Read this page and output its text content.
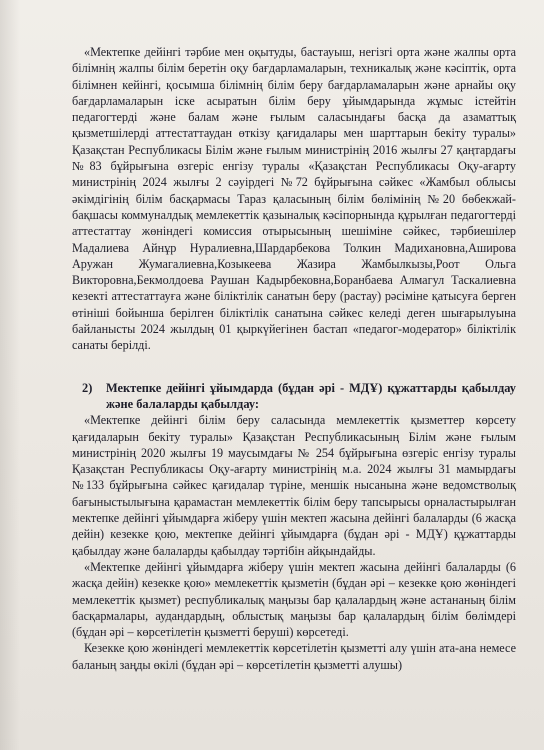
«Мектепке дейінгі тәрбие мен оқытуды, бастауыш, негізгі орта және жалпы орта білімнің жалпы білім беретін оқу бағдарламаларын, техникалық және кәсіптік, орта білімнен кейінгі, қосымша білімнің білім беру бағдарламаларын және арнайы оқу бағдарламаларын іске асыратын білім беру ұйымдарында жұмыс істейтін педагогтерді және балам және ғылым саласындағы басқа да азаматтық қызметшілерді аттестаттаудан өткізу қағидалары мен шарттарын бекіту туралы» Қазақстан Республикасы Білім және ғылым министрінің 2016 жылғы 27 қаңтардағы №83 бұйрығына өзгеріс енгізу туралы «Қазақстан Республикасы Оқу-ағарту министрінің 2024 жылғы 2 сәуірдегі №72 бұйрығына сәйкес «Жамбыл облысы әкімдігінің білім басқармасы Тараз қаласының білім бөлімінің №20 бөбекжай-бақшасы коммуналдық мемлекеттік қазыналық кәсіпорнында құрылған педагогтерді аттестаттау жөніндегі комиссия отырысының шешіміне сәйкес, тәрбиешілер Мадалиева Айнұр Нуралиевна,Шардарбекова Толкин Мадихановна,Аширова Аружан Жумагалиевна,Козыкеева Жазира Жамбылкызы,Роот Ольга Викторовна,Бекмолдоева Раушан Кадырбековна,Боранбаева Алмагул Таскалиевна кезекті аттестаттауға және біліктілік санатын беру (растау) рәсіміне қатысуға берген өтініші бойынша берілген біліктілік санатына сәйкес келеді деген шығарылуына байланысты 2024 жылдың 01 қыркүйегінен бастап «педагог-модератор» біліктілік санаты берілді.

2)	Мектепке дейінгі ұйымдарда (бұдан әрі - МДҰ) құжаттарды қабылдау және балаларды қабылдау:

«Мектепке дейінгі білім беру саласында мемлекеттік қызметтер көрсету қағидаларын бекіту туралы» Қазақстан Республикасының Білім және ғылым министрінің 2020 жылғы 19 маусымдағы № 254 бұйрығына өзгеріс енгізу туралы Қазақстан Республикасы Оқу-ағарту министрінің м.а. 2024 жылғы 31 мамырдағы №133 бұйрығына сәйкес қағидалар түріне, меншік нысанына және ведомстволық бағыныстылығына қарамастан мемлекеттік білім беру тапсырысы орналастырылған мектепке дейінгі ұйымдарға жіберу үшін мектеп жасына дейінгі балаларды (6 жасқа дейін) кезекке қою, мектепке дейінгі ұйымдарға (бұдан әрі - МДҰ) құжаттарды қабылдау және балаларды қабылдау тәртібін айқындайды.

«Мектепке дейінгі ұйымдарға жіберу үшін мектеп жасына дейінгі балаларды (6 жасқа дейін) кезекке қою» мемлекеттік қызметін (бұдан әрі – кезекке қою жөніндегі мемлекеттік қызмет) республикалық маңызы бар қалалардың және астананың білім басқармалары, аудандардың, облыстық маңызы бар қалалардың білім бөлімдері (бұдан әрі – көрсетілетін қызметті беруші) көрсетеді.

Кезекке қою жөніндегі мемлекеттік көрсетілетін қызметті алу үшін ата-ана немесе баланың заңды өкілі (бұдан әрі – көрсетілетін қызметті алушы)
